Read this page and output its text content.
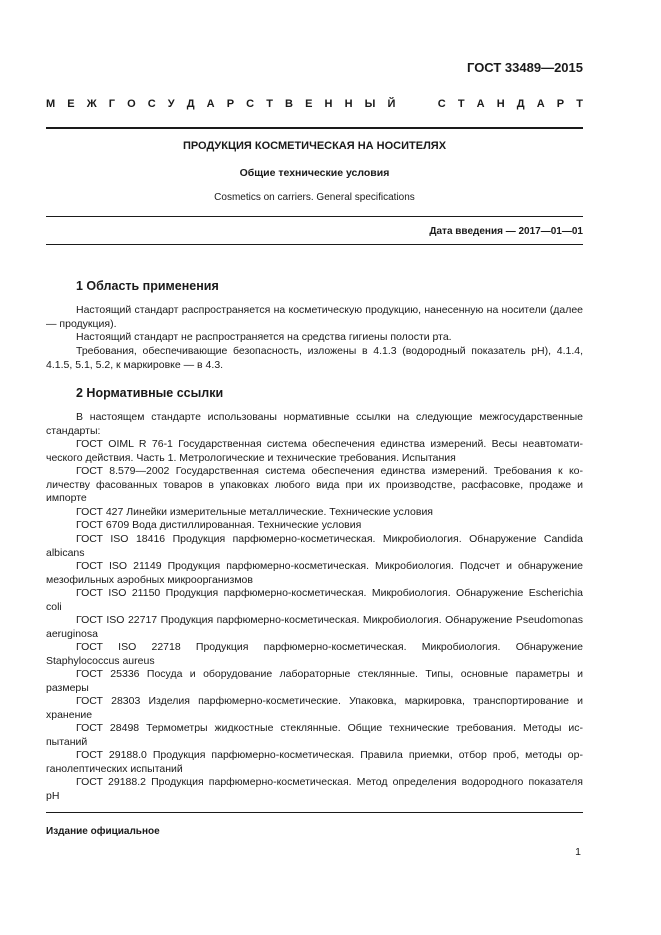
ГОСТ 33489—2015
М Е Ж Г О С У Д А Р С Т В Е Н Н Ы Й

	С Т А Н Д А Р Т
ПРОДУКЦИЯ КОСМЕТИЧЕСКАЯ НА НОСИТЕЛЯХ
Общие технические условия
Cosmetics on carriers. General specifications
Дата введения — 2017—01—01
1 Область применения

Настоящий стандарт распространяется на косметическую продукцию, нанесенную на носители (далее — продукция).

Настоящий стандарт не распространяется на средства гигиены полости рта.

Требования, обеспечивающие безопасность, изложены в 4.1.3 (водородный показатель pH), 4.1.4, 4.1.5, 5.1, 5.2, к маркировке — в 4.3.

2 Нормативные ссылки

В настоящем стандарте использованы нормативные ссылки на следующие межгосударственные стандарты:

ГОСТ OIML R 76-1 Государственная система обеспечения единства измерений. Весы неавтоматического действия. Часть 1. Метрологические и технические требования. Испытания

ГОСТ 8.579—2002 Государственная система обеспечения единства измерений. Требования к количеству фасованных товаров в упаковках любого вида при их производстве, расфасовке, продаже и импорте

ГОСТ 427 Линейки измерительные металлические. Технические условия

ГОСТ 6709 Вода дистиллированная. Технические условия

ГОСТ ISO 18416 Продукция парфюмерно-косметическая. Микробиология. Обнаружение Candida albicans

ГОСТ ISO 21149 Продукция парфюмерно-косметическая. Микробиология. Подсчет и обнаружение мезофильных аэробных микроорганизмов

ГОСТ ISO 21150 Продукция парфюмерно-косметическая. Микробиология. Обнаружение Escherichia coli

ГОСТ ISO 22717 Продукция парфюмерно-косметическая. Микробиология. Обнаружение Pseudomonas aeruginosa

ГОСТ ISO 22718 Продукция парфюмерно-косметическая. Микробиология. Обнаружение Staphylococcus aureus

ГОСТ 25336 Посуда и оборудование лабораторные стеклянные. Типы, основные параметры и размеры

ГОСТ 28303 Изделия парфюмерно-косметические. Упаковка, маркировка, транспортирование и хранение

ГОСТ 28498 Термометры жидкостные стеклянные. Общие технические требования. Методы испытаний

ГОСТ 29188.0 Продукция парфюмерно-косметическая. Правила приемки, отбор проб, методы органолептических испытаний

ГОСТ 29188.2 Продукция парфюмерно-косметическая. Метод определения водородного показателя pH

Издание официальное
1
